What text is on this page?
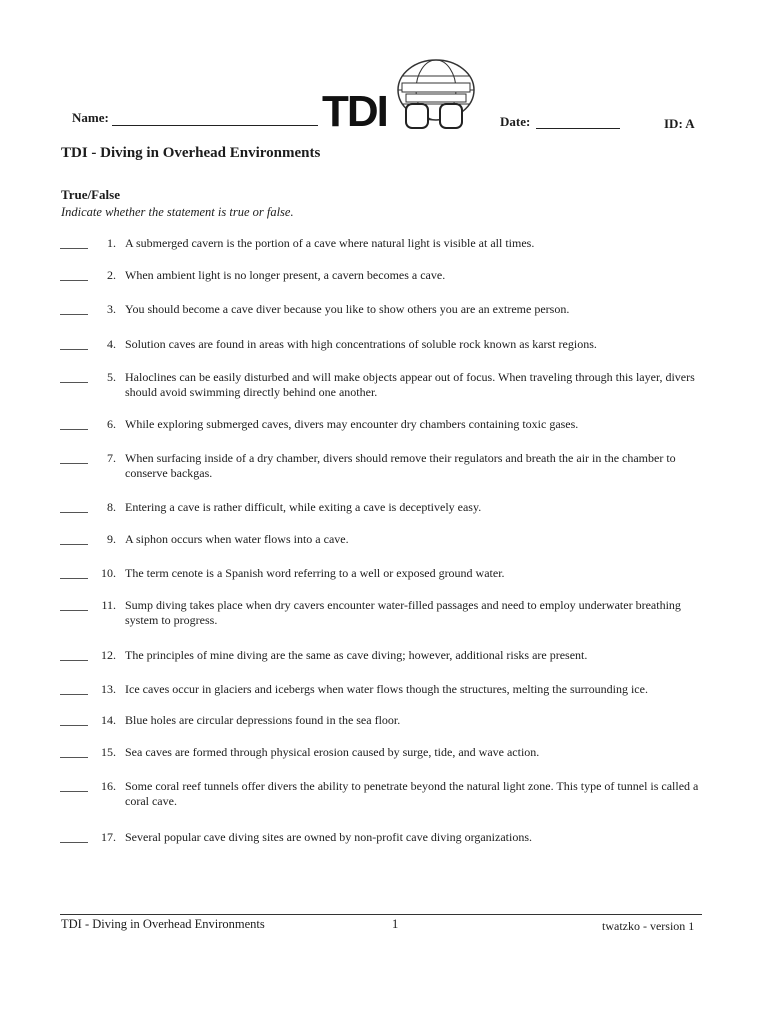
Name:	TDI	Date:	ID: A
TDI - Diving in Overhead Environments
True/False
Indicate whether the statement is true or false.
1. A submerged cavern is the portion of a cave where natural light is visible at all times.
2. When ambient light is no longer present, a cavern becomes a cave.
3. You should become a cave diver because you like to show others you are an extreme person.
4. Solution caves are found in areas with high concentrations of soluble rock known as karst regions.
5. Haloclines can be easily disturbed and will make objects appear out of focus. When traveling through this layer, divers should avoid swimming directly behind one another.
6. While exploring submerged caves, divers may encounter dry chambers containing toxic gases.
7. When surfacing inside of a dry chamber, divers should remove their regulators and breath the air in the chamber to conserve backgas.
8. Entering a cave is rather difficult, while exiting a cave is deceptively easy.
9. A siphon occurs when water flows into a cave.
10. The term cenote is a Spanish word referring to a well or exposed ground water.
11. Sump diving takes place when dry cavers encounter water-filled passages and need to employ underwater breathing system to progress.
12. The principles of mine diving are the same as cave diving; however, additional risks are present.
13. Ice caves occur in glaciers and icebergs when water flows though the structures, melting the surrounding ice.
14. Blue holes are circular depressions found in the sea floor.
15. Sea caves are formed through physical erosion caused by surge, tide, and wave action.
16. Some coral reef tunnels offer divers the ability to penetrate beyond the natural light zone. This type of tunnel is called a coral cave.
17. Several popular cave diving sites are owned by non-profit cave diving organizations.
TDI - Diving in Overhead Environments	1	twatzko - version 1
